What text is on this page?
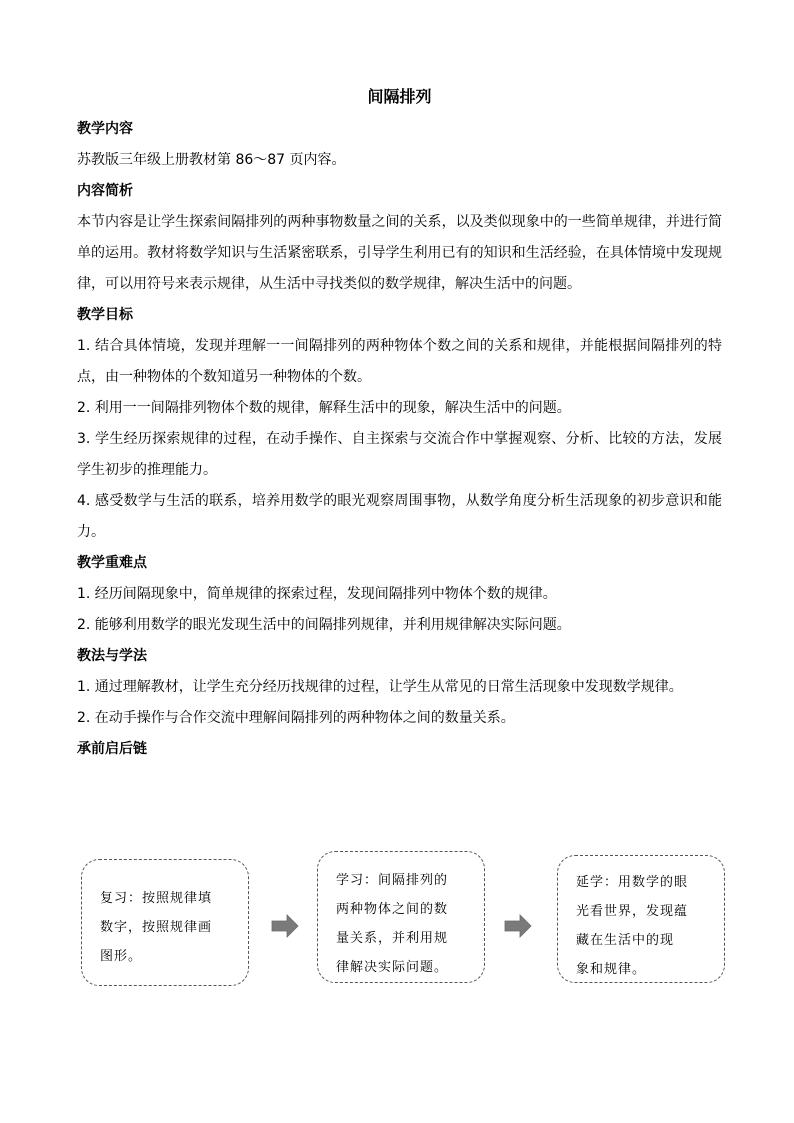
间隔排列
教学内容

苏教版三年级上册教材第 86～87 页内容。

内容简析

本节内容是让学生探索间隔排列的两种事物数量之间的关系，以及类似现象中的一些简单规律，并进行简单的运用。教材将数学知识与生活紧密联系，引导学生利用已有的知识和生活经验，在具体情境中发现规律，可以用符号来表示规律，从生活中寻找类似的数学规律，解决生活中的问题。

教学目标

1. 结合具体情境，发现并理解一一间隔排列的两种物体个数之间的关系和规律，并能根据间隔排列的特点，由一种物体的个数知道另一种物体的个数。

2. 利用一一间隔排列物体个数的规律，解释生活中的现象，解决生活中的问题。

3. 学生经历探索规律的过程，在动手操作、自主探索与交流合作中掌握观察、分析、比较的方法，发展学生初步的推理能力。

4. 感受数学与生活的联系，培养用数学的眼光观察周围事物，从数学角度分析生活现象的初步意识和能力。

教学重难点

1. 经历间隔现象中，简单规律的探索过程，发现间隔排列中物体个数的规律。

2. 能够利用数学的眼光发现生活中的间隔排列规律，并利用规律解决实际问题。

教法与学法

1. 通过理解教材，让学生充分经历找规律的过程，让学生从常见的日常生活现象中发现数学规律。

2. 在动手操作与合作交流中理解间隔排列的两种物体之间的数量关系。

承前启后链
复习：按照规律填
数字，按照规律画
图形。
学习：间隔排列的
两种物体之间的数
量关系，并利用规
律解决实际问题。
延学：用数学的眼
光看世界，发现蕴
藏在生活中的现
象和规律。
